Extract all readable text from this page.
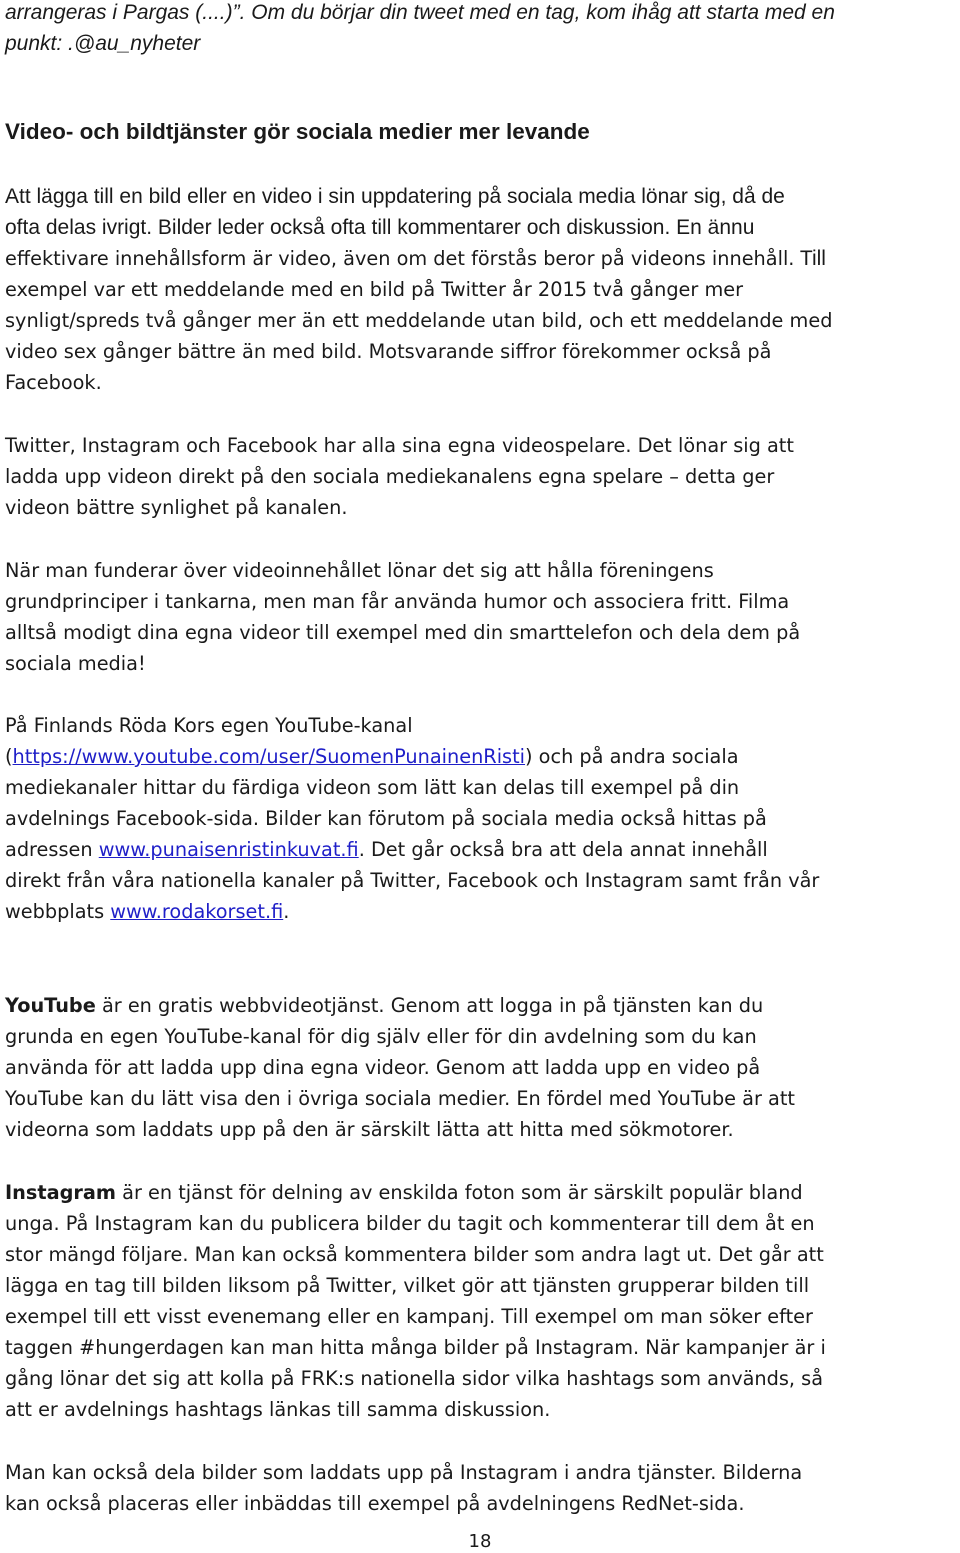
arrangeras i Pargas (....)”. Om du börjar din tweet med en tag, kom ihåg att starta med en
punkt: .@au_nyheter
Video- och bildtjänster gör sociala medier mer levande
Att lägga till en bild eller en video i sin uppdatering på sociala media lönar sig, då de
ofta delas ivrigt. Bilder leder också ofta till kommentarer och diskussion. En ännu
effektivare innehållsform är video, även om det förstås beror på videons innehåll. Till
exempel var ett meddelande med en bild på Twitter år 2015 två gånger mer
synligt/spreds två gånger mer än ett meddelande utan bild, och ett meddelande med
video sex gånger bättre än med bild. Motsvarande siffror förekommer också på
Facebook.
Twitter, Instagram och Facebook har alla sina egna videospelare. Det lönar sig att
ladda upp videon direkt på den sociala mediekanalens egna spelare – detta ger
videon bättre synlighet på kanalen.
När man funderar över videoinnehållet lönar det sig att hålla föreningens
grundprinciper i tankarna, men man får använda humor och associera fritt. Filma
alltså modigt dina egna videor till exempel med din smarttelefon och dela dem på
sociala media!
På Finlands Röda Kors egen YouTube-kanal
(https://www.youtube.com/user/SuomenPunainenRisti) och på andra sociala
mediekanaler hittar du färdiga videon som lätt kan delas till exempel på din
avdelnings Facebook-sida. Bilder kan förutom på sociala media också hittas på
adressen www.punaisenristinkuvat.fi. Det går också bra att dela annat innehåll
direkt från våra nationella kanaler på Twitter, Facebook och Instagram samt från vår
webbplats www.rodakorset.fi.
YouTube är en gratis webbvideotjänst. Genom att logga in på tjänsten kan du
grunda en egen YouTube-kanal för dig själv eller för din avdelning som du kan
använda för att ladda upp dina egna videor. Genom att ladda upp en video på
YouTube kan du lätt visa den i övriga sociala medier. En fördel med YouTube är att
videorna som laddats upp på den är särskilt lätta att hitta med sökmotorer.
Instagram är en tjänst för delning av enskilda foton som är särskilt populär bland
unga. På Instagram kan du publicera bilder du tagit och kommenterar till dem åt en
stor mängd följare. Man kan också kommentera bilder som andra lagt ut. Det går att
lägga en tag till bilden liksom på Twitter, vilket gör att tjänsten grupperar bilden till
exempel till ett visst evenemang eller en kampanj. Till exempel om man söker efter
taggen #hungerdagen kan man hitta många bilder på Instagram. När kampanjer är i
gång lönar det sig att kolla på FRK:s nationella sidor vilka hashtags som används, så
att er avdelnings hashtags länkas till samma diskussion.
Man kan också dela bilder som laddats upp på Instagram i andra tjänster. Bilderna
kan också placeras eller inbäddas till exempel på avdelningens RedNet-sida.
18
